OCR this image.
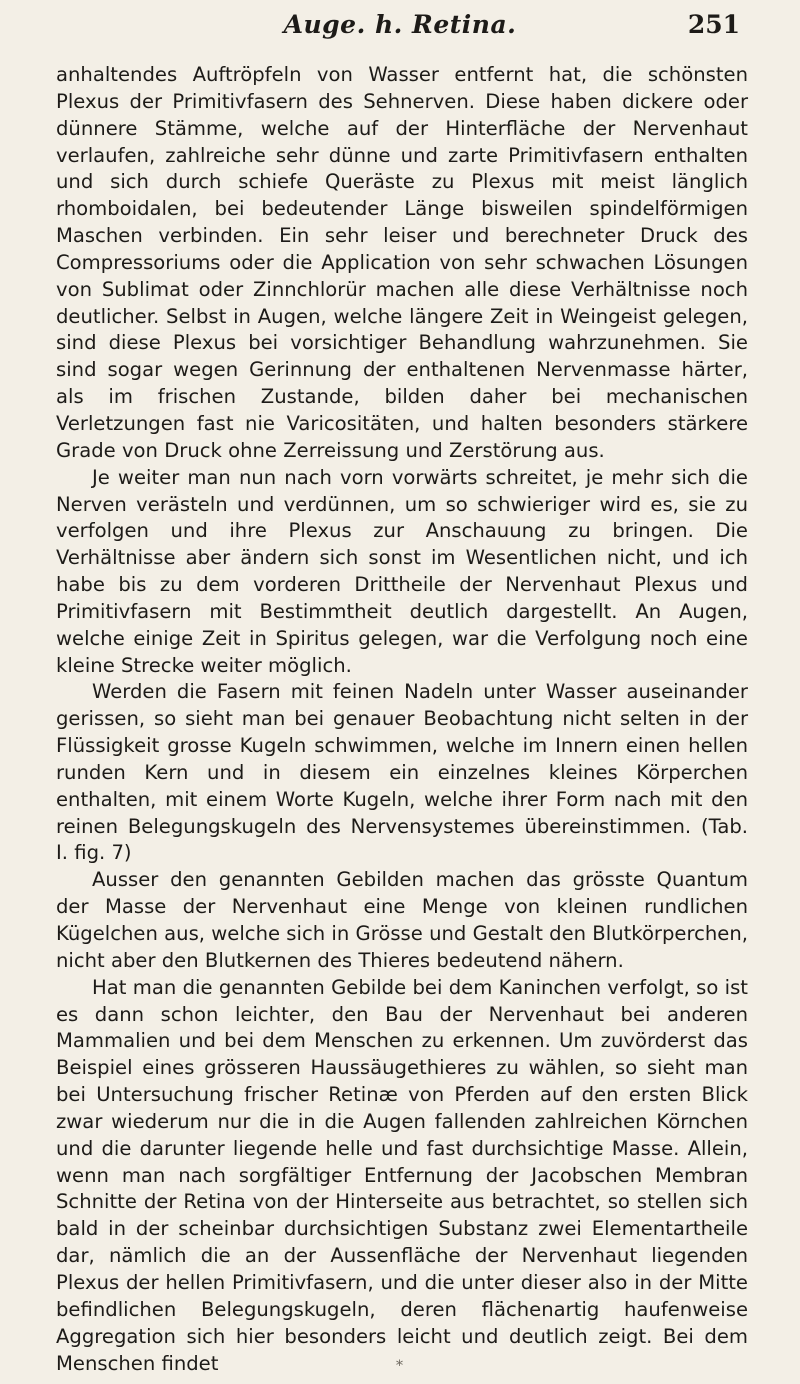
Auge. h. Retina.	251

anhaltendes Auftröpfeln von Wasser entfernt hat, die schönsten Plexus der Primitivfasern des Sehnerven. Diese haben dickere oder dünnere Stämme, welche auf der Hinterfläche der Nervenhaut verlaufen, zahlreiche sehr dünne und zarte Primitivfasern enthalten und sich durch schiefe Queräste zu Plexus mit meist länglich rhomboidalen, bei bedeutender Länge bisweilen spindelförmigen Maschen verbinden. Ein sehr leiser und berechneter Druck des Compressoriums oder die Application von sehr schwachen Lösungen von Sublimat oder Zinnchlorür machen alle diese Verhältnisse noch deutlicher. Selbst in Augen, welche längere Zeit in Weingeist gelegen, sind diese Plexus bei vorsichtiger Behandlung wahrzunehmen. Sie sind sogar wegen Gerinnung der enthaltenen Nervenmasse härter, als im frischen Zustande, bilden daher bei mechanischen Verletzungen fast nie Varicositäten, und halten besonders stärkere Grade von Druck ohne Zerreissung und Zerstörung aus.

Je weiter man nun nach vorn vorwärts schreitet, je mehr sich die Nerven verästeln und verdünnen, um so schwieriger wird es, sie zu verfolgen und ihre Plexus zur Anschauung zu bringen. Die Verhältnisse aber ändern sich sonst im Wesentlichen nicht, und ich habe bis zu dem vorderen Drittheile der Nervenhaut Plexus und Primitivfasern mit Bestimmtheit deutlich dargestellt. An Augen, welche einige Zeit in Spiritus gelegen, war die Verfolgung noch eine kleine Strecke weiter möglich.

Werden die Fasern mit feinen Nadeln unter Wasser auseinander gerissen, so sieht man bei genauer Beobachtung nicht selten in der Flüssigkeit grosse Kugeln schwimmen, welche im Innern einen hellen runden Kern und in diesem ein einzelnes kleines Körperchen enthalten, mit einem Worte Kugeln, welche ihrer Form nach mit den reinen Belegungskugeln des Nervensystemes übereinstimmen. (Tab. I. fig. 7)

Ausser den genannten Gebilden machen das grösste Quantum der Masse der Nervenhaut eine Menge von kleinen rundlichen Kügelchen aus, welche sich in Grösse und Gestalt den Blutkörperchen, nicht aber den Blutkernen des Thieres bedeutend nähern.

Hat man die genannten Gebilde bei dem Kaninchen verfolgt, so ist es dann schon leichter, den Bau der Nervenhaut bei anderen Mammalien und bei dem Menschen zu erkennen. Um zuvörderst das Beispiel eines grösseren Haussäugethieres zu wählen, so sieht man bei Untersuchung frischer Retinæ von Pferden auf den ersten Blick zwar wiederum nur die in die Augen fallenden zahlreichen Körnchen und die darunter liegende helle und fast durchsichtige Masse. Allein, wenn man nach sorgfältiger Entfernung der Jacobschen Membran Schnitte der Retina von der Hinterseite aus betrachtet, so stellen sich bald in der scheinbar durchsichtigen Substanz zwei Elementartheile dar, nämlich die an der Aussenfläche der Nervenhaut liegenden Plexus der hellen Primitivfasern, und die unter dieser also in der Mitte befindlichen Belegungskugeln, deren flächenartig haufenweise Aggregation sich hier besonders leicht und deutlich zeigt. Bei dem Menschen findet	*
